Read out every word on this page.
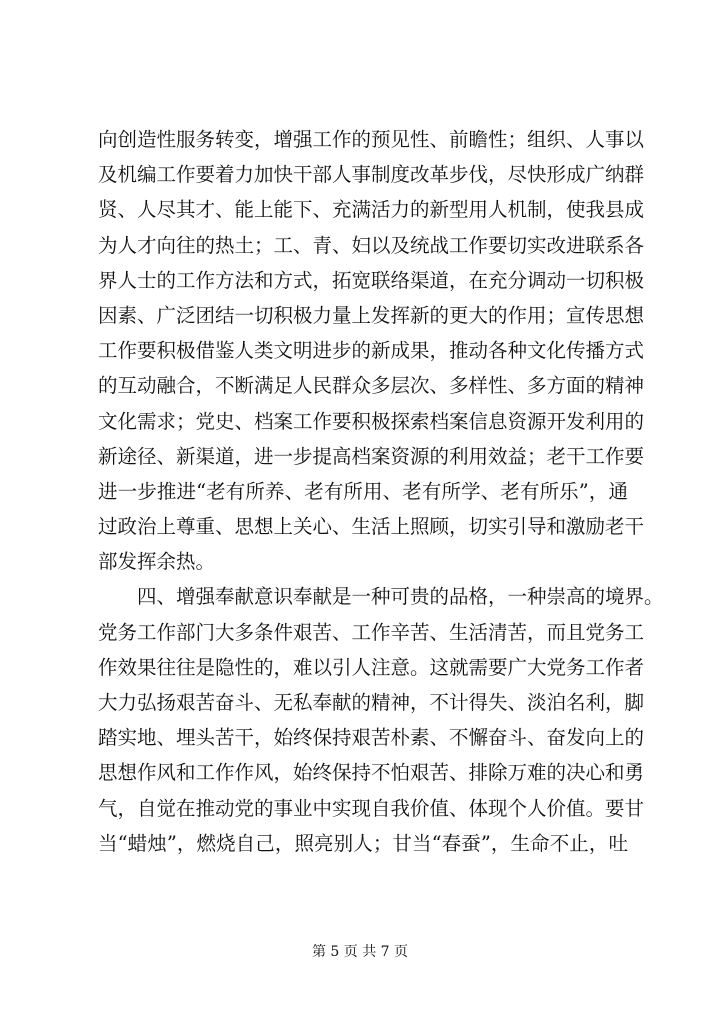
向创造性服务转变，增强工作的预见性、前瞻性；组织、人事以
及机编工作要着力加快干部人事制度改革步伐，尽快形成广纳群
贤、人尽其才、能上能下、充满活力的新型用人机制，使我县成
为人才向往的热土；工、青、妇以及统战工作要切实改进联系各
界人士的工作方法和方式，拓宽联络渠道，在充分调动一切积极
因素、广泛团结一切积极力量上发挥新的更大的作用；宣传思想
工作要积极借鉴人类文明进步的新成果，推动各种文化传播方式
的互动融合，不断满足人民群众多层次、多样性、多方面的精神
文化需求；党史、档案工作要积极探索档案信息资源开发利用的
新途径、新渠道，进一步提高档案资源的利用效益；老干工作要
进一步推进“老有所养、老有所用、老有所学、老有所乐”，通
过政治上尊重、思想上关心、生活上照顾，切实引导和激励老干
部发挥余热。
四、增强奉献意识奉献是一种可贵的品格，一种崇高的境界。
党务工作部门大多条件艰苦、工作辛苦、生活清苦，而且党务工
作效果往往是隐性的，难以引人注意。这就需要广大党务工作者
大力弘扬艰苦奋斗、无私奉献的精神，不计得失、淡泊名利，脚
踏实地、埋头苦干，始终保持艰苦朴素、不懈奋斗、奋发向上的
思想作风和工作作风，始终保持不怕艰苦、排除万难的决心和勇
气，自觉在推动党的事业中实现自我价值、体现个人价值。要甘
当“蜡烛”，燃烧自己，照亮别人；甘当“春蚕”，生命不止，吐
第 5 页 共 7 页
